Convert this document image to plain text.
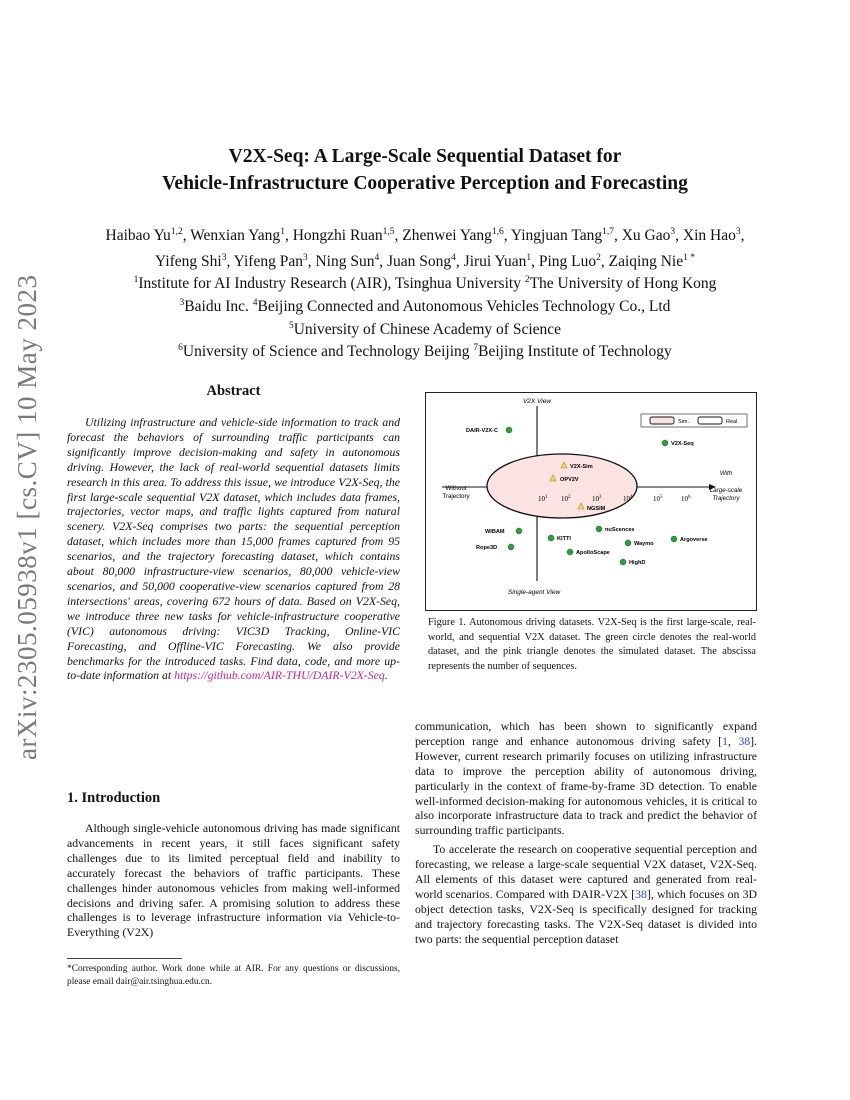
arXiv:2305.05938v1 [cs.CV] 10 May 2023
V2X-Seq: A Large-Scale Sequential Dataset for
Vehicle-Infrastructure Cooperative Perception and Forecasting
Haibao Yu$^{1,2}$, Wenxian Yang$^1$, Hongzhi Ruan$^{1,5}$, Zhenwei Yang$^{1,6}$, Yingjuan Tang$^{1,7}$, Xu Gao$^3$, Xin Hao$^3$,
Yifeng Shi$^3$, Yifeng Pan$^3$, Ning Sun$^4$, Juan Song$^4$, Jirui Yuan$^1$, Ping Luo$^2$, Zaiqing Nie$^{1 *}$
$^1$Institute for AI Industry Research (AIR), Tsinghua University $^2$The University of Hong Kong
$^3$Baidu Inc. $^4$Beijing Connected and Autonomous Vehicles Technology Co., Ltd
$^5$University of Chinese Academy of Science
$^6$University of Science and Technology Beijing $^7$Beijing Institute of Technology
Abstract

Utilizing infrastructure and vehicle-side information to track and forecast the behaviors of surrounding traffic participants can significantly improve decision-making and safety in autonomous driving. However, the lack of real-world sequential datasets limits research in this area. To address this issue, we introduce V2X-Seq, the first large-scale sequential V2X dataset, which includes data frames, trajectories, vector maps, and traffic lights captured from natural scenery. V2X-Seq comprises two parts: the sequential perception dataset, which includes more than 15,000 frames captured from 95 scenarios, and the trajectory forecasting dataset, which contains about 80,000 infrastructure-view scenarios, 80,000 vehicle-view scenarios, and 50,000 cooperative-view scenarios captured from 28 intersections' areas, covering 672 hours of data. Based on V2X-Seq, we introduce three new tasks for vehicle-infrastructure cooperative (VIC) autonomous driving: VIC3D Tracking, Online-VIC Forecasting, and Offline-VIC Forecasting. We also provide benchmarks for the introduced tasks. Find data, code, and more up-to-date information at https://github.com/AIR-THU/DAIR-V2X-Seq.

1. Introduction

Although single-vehicle autonomous driving has made significant advancements in recent years, it still faces significant safety challenges due to its limited perceptual field and inability to accurately forecast the behaviors of traffic participants. These challenges hinder autonomous vehicles from making well-informed decisions and driving safer. A promising solution to address these challenges is to leverage infrastructure information via Vehicle-to-Everything (V2X)

*Corresponding author. Work done while at AIR. For any questions or discussions, please email dair@air.tsinghua.edu.cn.
V2X View
Single-agent View
Without
Trajectory
With
Large-scale
Trajectory
Sim.	Real
$10^1$ $10^2$	$10^3$	$10^4$	$10^5$	$10^6$
DAIR-V2X-C
V2X-Seq
V2X-Sim
OPV2V
NGSIM
nuScences
WIBAM
KITTI
Waymo
Argoverse
Rope3D
ApolloScape
HighD
Figure 1. Autonomous driving datasets. V2X-Seq is the first large-scale, real-world, and sequential V2X dataset. The green circle denotes the real-world dataset, and the pink triangle denotes the simulated dataset. The abscissa represents the number of sequences.

communication, which has been shown to significantly expand perception range and enhance autonomous driving safety [1, 38]. However, current research primarily focuses on utilizing infrastructure data to improve the perception ability of autonomous driving, particularly in the context of frame-by-frame 3D detection. To enable well-informed decision-making for autonomous vehicles, it is critical to also incorporate infrastructure data to track and predict the behavior of surrounding traffic participants.

To accelerate the research on cooperative sequential perception and forecasting, we release a large-scale sequential V2X dataset, V2X-Seq. All elements of this dataset were captured and generated from real-world scenarios. Compared with DAIR-V2X [38], which focuses on 3D object detection tasks, V2X-Seq is specifically designed for tracking and trajectory forecasting tasks. The V2X-Seq dataset is divided into two parts: the sequential perception dataset
